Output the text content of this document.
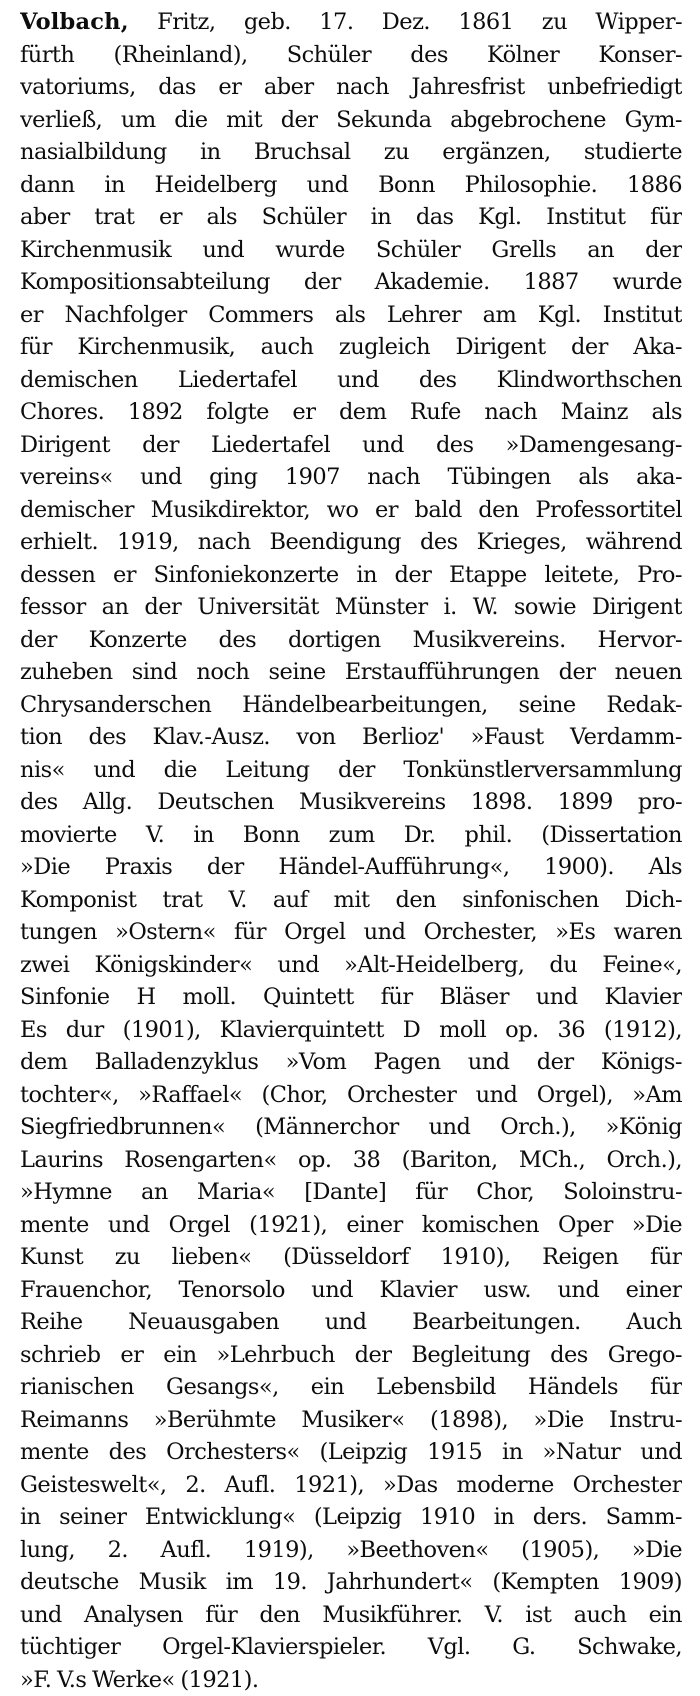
Volbach, Fritz, geb. 17. Dez. 1861 zu Wipper-
fürth (Rheinland), Schüler des Kölner Konser-
vatoriums, das er aber nach Jahresfrist unbefriedigt
verließ, um die mit der Sekunda abgebrochene Gym-
nasialbildung in Bruchsal zu ergänzen, studierte
dann in Heidelberg und Bonn Philosophie. 1886
aber trat er als Schüler in das Kgl. Institut für
Kirchenmusik und wurde Schüler Grells an der
Kompositionsabteilung der Akademie. 1887 wurde
er Nachfolger Commers als Lehrer am Kgl. Institut
für Kirchenmusik, auch zugleich Dirigent der Aka-
demischen Liedertafel und des Klindworthschen
Chores. 1892 folgte er dem Rufe nach Mainz als
Dirigent der Liedertafel und des »Damengesang-
vereins« und ging 1907 nach Tübingen als aka-
demischer Musikdirektor, wo er bald den Professortitel
erhielt. 1919, nach Beendigung des Krieges, während
dessen er Sinfoniekonzerte in der Etappe leitete, Pro-
fessor an der Universität Münster i. W. sowie Dirigent
der Konzerte des dortigen Musikvereins. Hervor-
zuheben sind noch seine Erstaufführungen der neuen
Chrysanderschen Händelbearbeitungen, seine Redak-
tion des Klav.-Ausz. von Berlioz' »Faust Verdamm-
nis« und die Leitung der Tonkünstlerversammlung
des Allg. Deutschen Musikvereins 1898. 1899 pro-
movierte V. in Bonn zum Dr. phil. (Dissertation
»Die Praxis der Händel-Aufführung«, 1900). Als
Komponist trat V. auf mit den sinfonischen Dich-
tungen »Ostern« für Orgel und Orchester, »Es waren
zwei Königskinder« und »Alt-Heidelberg, du Feine«,
Sinfonie H moll. Quintett für Bläser und Klavier
Es dur (1901), Klavierquintett D moll op. 36 (1912),
dem Balladenzyklus »Vom Pagen und der Königs-
tochter«, »Raffael« (Chor, Orchester und Orgel), »Am
Siegfriedbrunnen« (Männerchor und Orch.), »König
Laurins Rosengarten« op. 38 (Bariton, MCh., Orch.),
»Hymne an Maria« [Dante] für Chor, Soloinstru-
mente und Orgel (1921), einer komischen Oper »Die
Kunst zu lieben« (Düsseldorf 1910), Reigen für
Frauenchor, Tenorsolo und Klavier usw. und einer
Reihe Neuausgaben und Bearbeitungen. Auch
schrieb er ein »Lehrbuch der Begleitung des Grego-
rianischen Gesangs«, ein Lebensbild Händels für
Reimanns »Berühmte Musiker« (1898), »Die Instru-
mente des Orchesters« (Leipzig 1915 in »Natur und
Geisteswelt«, 2. Aufl. 1921), »Das moderne Orchester
in seiner Entwicklung« (Leipzig 1910 in ders. Samm-
lung, 2. Aufl. 1919), »Beethoven« (1905), »Die
deutsche Musik im 19. Jahrhundert« (Kempten 1909)
und Analysen für den Musikführer. V. ist auch ein
tüchtiger Orgel-Klavierspieler. Vgl. G. Schwake,
»F. V.s Werke« (1921).
